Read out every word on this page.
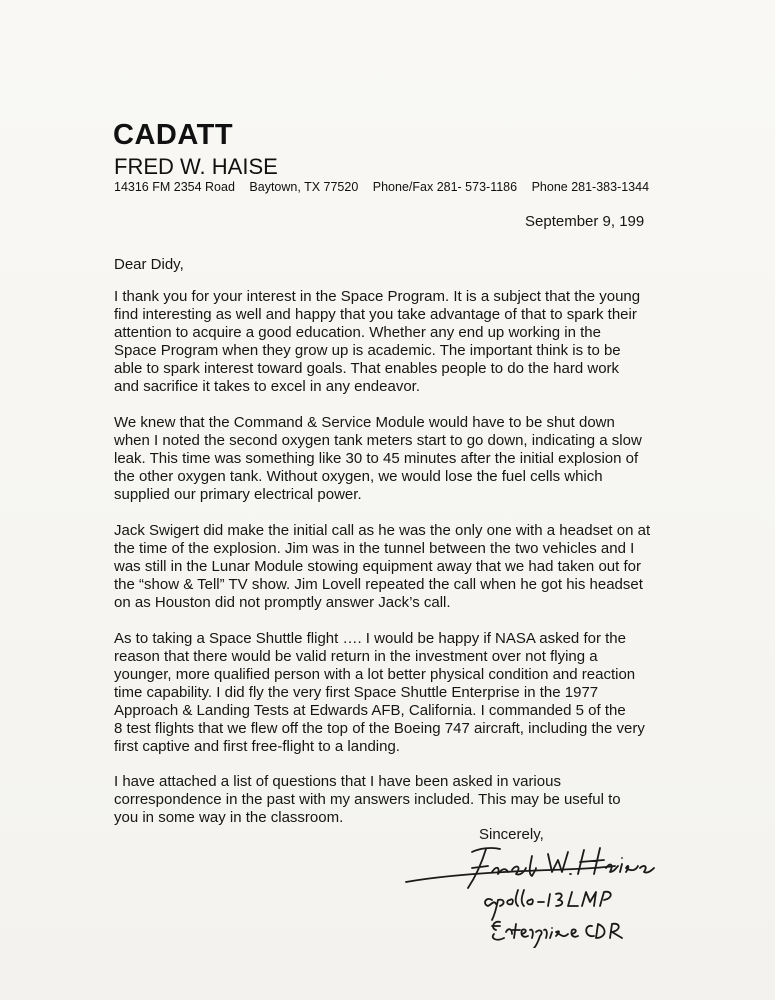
CADATT
FRED W. HAISE
14316 FM 2354 Road Baytown, TX 77520 Phone/Fax 281- 573-1186 Phone 281-383-1344
September 9, 199
Dear Didy,

I thank you for your interest in the Space Program. It is a subject that the young
find interesting as well and happy that you take advantage of that to spark their
attention to acquire a good education. Whether any end up working in the
Space Program when they grow up is academic. The important think is to be
able to spark interest toward goals. That enables people to do the hard work
and sacrifice it takes to excel in any endeavor.

We knew that the Command & Service Module would have to be shut down
when I noted the second oxygen tank meters start to go down, indicating a slow
leak. This time was something like 30 to 45 minutes after the initial explosion of
the other oxygen tank. Without oxygen, we would lose the fuel cells which
supplied our primary electrical power.

Jack Swigert did make the initial call as he was the only one with a headset on at
the time of the explosion. Jim was in the tunnel between the two vehicles and I
was still in the Lunar Module stowing equipment away that we had taken out for
the “show & Tell” TV show. Jim Lovell repeated the call when he got his headset
on as Houston did not promptly answer Jack’s call.

As to taking a Space Shuttle flight …. I would be happy if NASA asked for the
reason that there would be valid return in the investment over not flying a
younger, more qualified person with a lot better physical condition and reaction
time capability. I did fly the very first Space Shuttle Enterprise in the 1977
Approach & Landing Tests at Edwards AFB, California. I commanded 5 of the
8 test flights that we flew off the top of the Boeing 747 aircraft, including the very
first captive and first free-flight to a landing.

I have attached a list of questions that I have been asked in various
correspondence in the past with my answers included. This may be useful to
you in some way in the classroom.

Sincerely,
